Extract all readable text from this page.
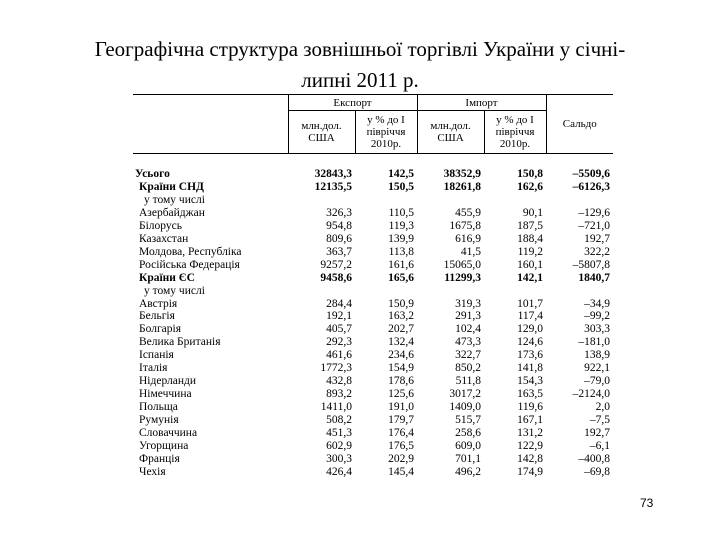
Географічна структура зовнішньої торгівлі України у січні-
липні 2011 р.
	Експорт		Імпорт		Сальдо
	млн.дол. США	у % до І півріччя 2010р.	млн.дол. США	у % до І півріччя 2010р.	

Усього	32843,3	142,5	38352,9	150,8	–5509,6
Країни СНД	12135,5	150,5	18261,8	162,6	–6126,3
у тому числі					
Азербайджан	326,3	110,5	455,9	90,1	–129,6
Білорусь	954,8	119,3	1675,8	187,5	–721,0
Казахстан	809,6	139,9	616,9	188,4	192,7
Молдова, Республіка	363,7	113,8	41,5	119,2	322,2
Російська Федерація	9257,2	161,6	15065,0	160,1	–5807,8
Країни ЄС	9458,6	165,6	11299,3	142,1	1840,7
у тому числі					
Австрія	284,4	150,9	319,3	101,7	–34,9
Бельгія	192,1	163,2	291,3	117,4	–99,2
Болгарія	405,7	202,7	102,4	129,0	303,3
Велика Британія	292,3	132,4	473,3	124,6	–181,0
Іспанія	461,6	234,6	322,7	173,6	138,9
Італія	1772,3	154,9	850,2	141,8	922,1
Нідерланди	432,8	178,6	511,8	154,3	–79,0
Німеччина	893,2	125,6	3017,2	163,5	–2124,0
Польща	1411,0	191,0	1409,0	119,6	2,0
Румунія	508,2	179,7	515,7	167,1	–7,5
Словаччина	451,3	176,4	258,6	131,2	192,7
Угорщина	602,9	176,5	609,0	122,9	–6,1
Франція	300,3	202,9	701,1	142,8	–400,8
Чехія	426,4	145,4	496,2	174,9	–69,8
73
